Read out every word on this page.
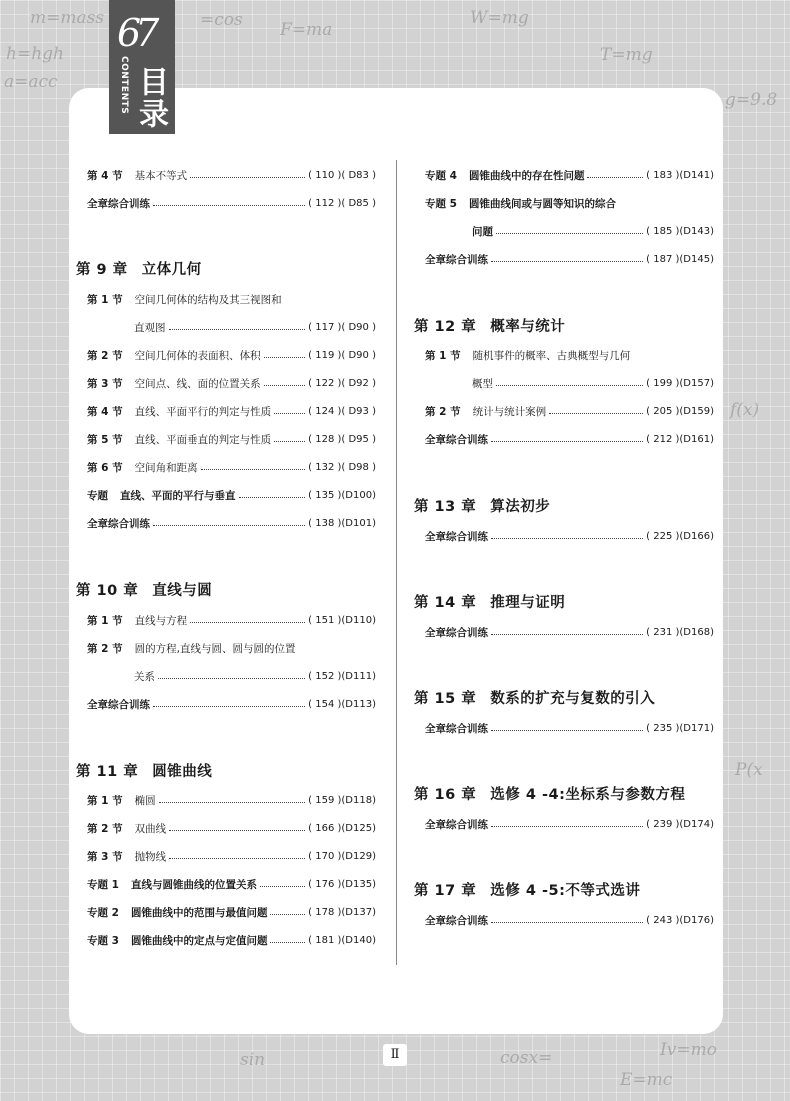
m=mass
F=ma
h=hgh
=cos	W=mg
g=9.8
T=mg
a=acc
cosx=
P(x
E=mc
f(x)
sin	Iv=mo
67
CONTENTS 目录
第 4 节 基本不等式	( 110 )( D83 )
全章综合训练	( 112 )( D85 )
第 9 章 立体几何
第 1 节 空间几何体的结构及其三视图和
直观图	( 117 )( D90 )
第 2 节 空间几何体的表面积、体积	( 119 )( D90 )
第 3 节 空间点、线、面的位置关系	( 122 )( D92 )
第 4 节 直线、平面平行的判定与性质	( 124 )( D93 )
第 5 节 直线、平面垂直的判定与性质	( 128 )( D95 )
第 6 节 空间角和距离	( 132 )( D98 )
专题 直线、平面的平行与垂直	( 135 )(D100)
全章综合训练	( 138 )(D101)
第 10 章 直线与圆
第 1 节 直线与方程	( 151 )(D110)
第 2 节 圆的方程,直线与圆、圆与圆的位置
关系	( 152 )(D111)
全章综合训练	( 154 )(D113)
第 11 章 圆锥曲线
第 1 节 椭圆	( 159 )(D118)
第 2 节 双曲线	( 166 )(D125)
第 3 节 抛物线	( 170 )(D129)
专题 1 直线与圆锥曲线的位置关系	( 176 )(D135)
专题 2 圆锥曲线中的范围与最值问题	( 178 )(D137)
专题 3 圆锥曲线中的定点与定值问题	( 181 )(D140)
专题 4 圆锥曲线中的存在性问题	( 183 )(D141)
专题 5 圆锥曲线间或与圆等知识的综合
问题	( 185 )(D143)
全章综合训练	( 187 )(D145)
第 12 章 概率与统计
第 1 节 随机事件的概率、古典概型与几何
概型	( 199 )(D157)
第 2 节 统计与统计案例	( 205 )(D159)
全章综合训练	( 212 )(D161)
第 13 章 算法初步
全章综合训练	( 225 )(D166)
第 14 章 推理与证明
全章综合训练	( 231 )(D168)
第 15 章 数系的扩充与复数的引入
全章综合训练	( 235 )(D171)
第 16 章 选修 4 -4:坐标系与参数方程
全章综合训练	( 239 )(D174)
第 17 章 选修 4 -5:不等式选讲
全章综合训练	( 243 )(D176)
Ⅱ
